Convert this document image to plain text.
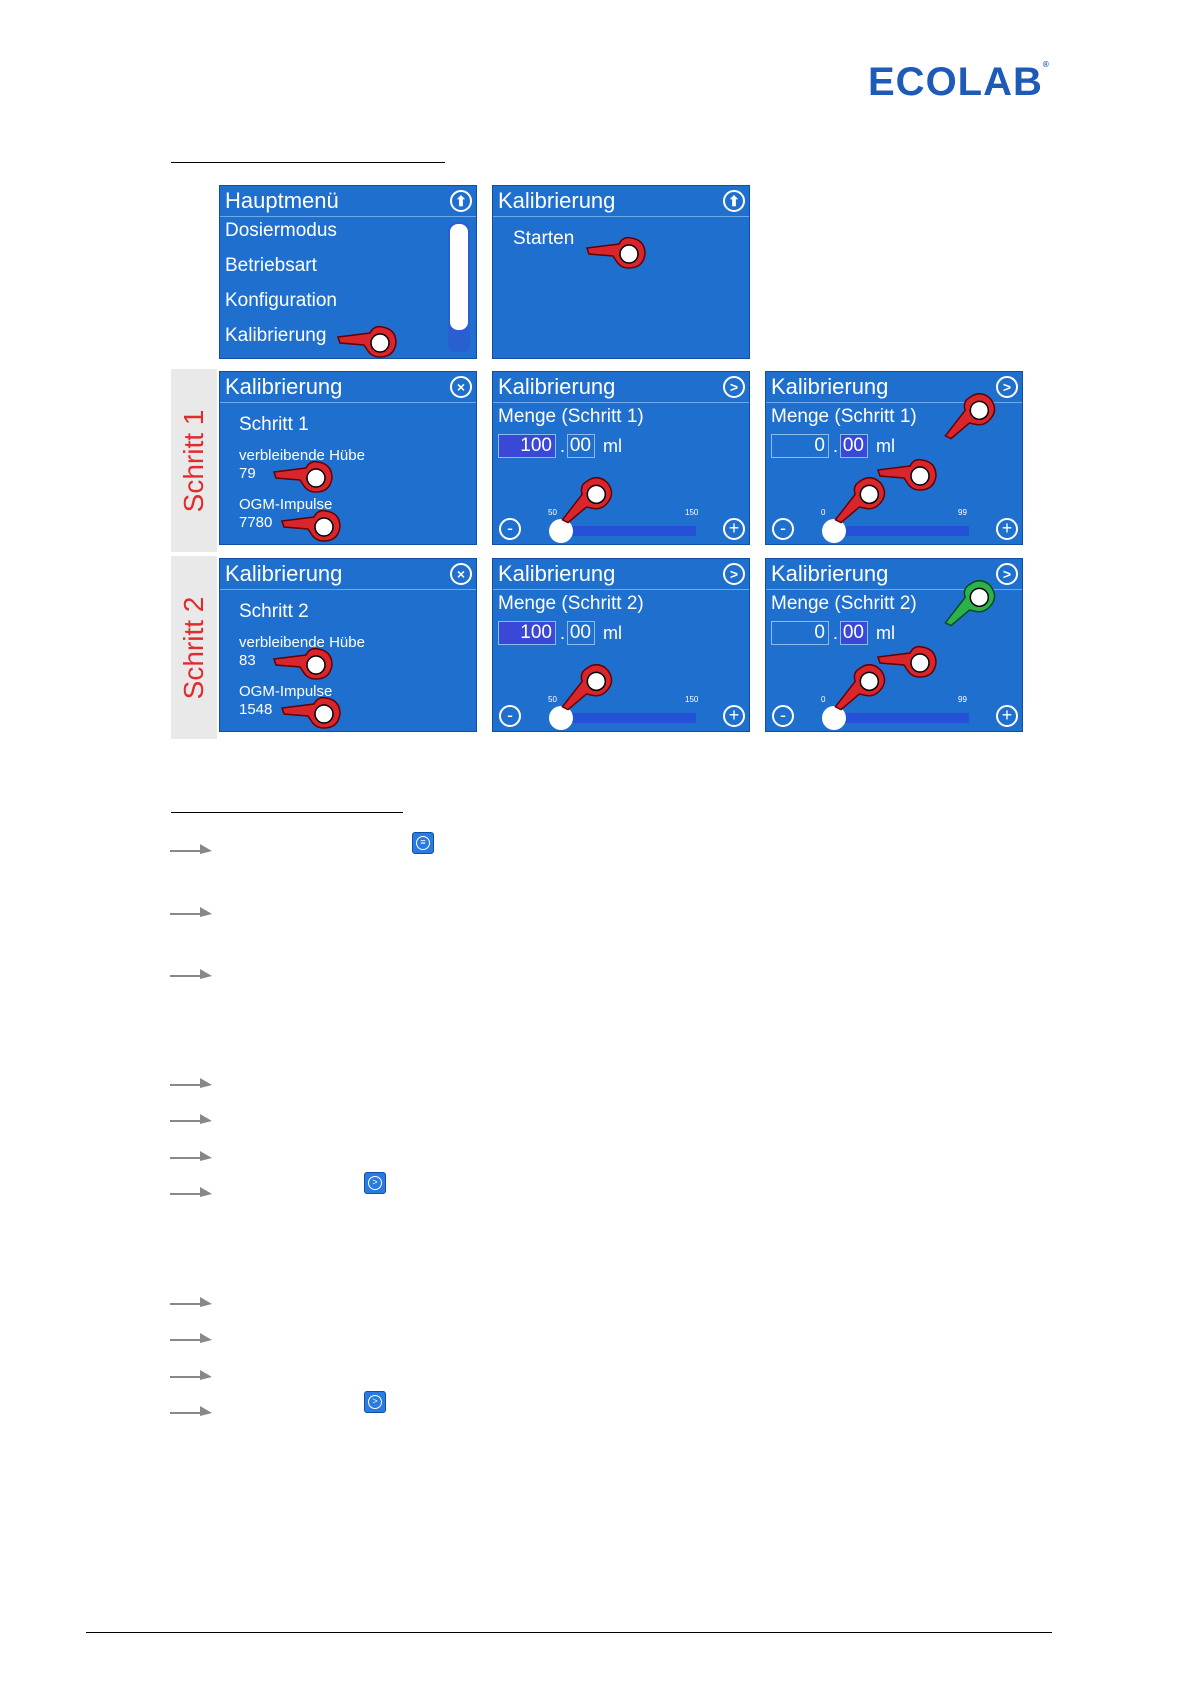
ECOLAB®
Schritt 1
Schritt 2
Hauptmenü	⬆
Dosiermodus
Betriebsart
Konfiguration
Kalibrierung
Kalibrierung	⬆
Starten
Kalibrierung	×
Schritt 1
verbleibende Hübe
79
OGM-Impulse
7780
Kalibrierung	>
Menge (Schritt 1)
100 . 00 ml
50	150
-	+
Kalibrierung	>
Menge (Schritt 1)
0 . 00 ml
0	99
-	+
Kalibrierung	×
Schritt 2
verbleibende Hübe
83
OGM-Impulse
1548
Kalibrierung	>
Menge (Schritt 2)
100 . 00 ml
50	150
-	+
Kalibrierung	>
Menge (Schritt 2)
0 . 00 ml
0	99
-	+
≡
>
>
